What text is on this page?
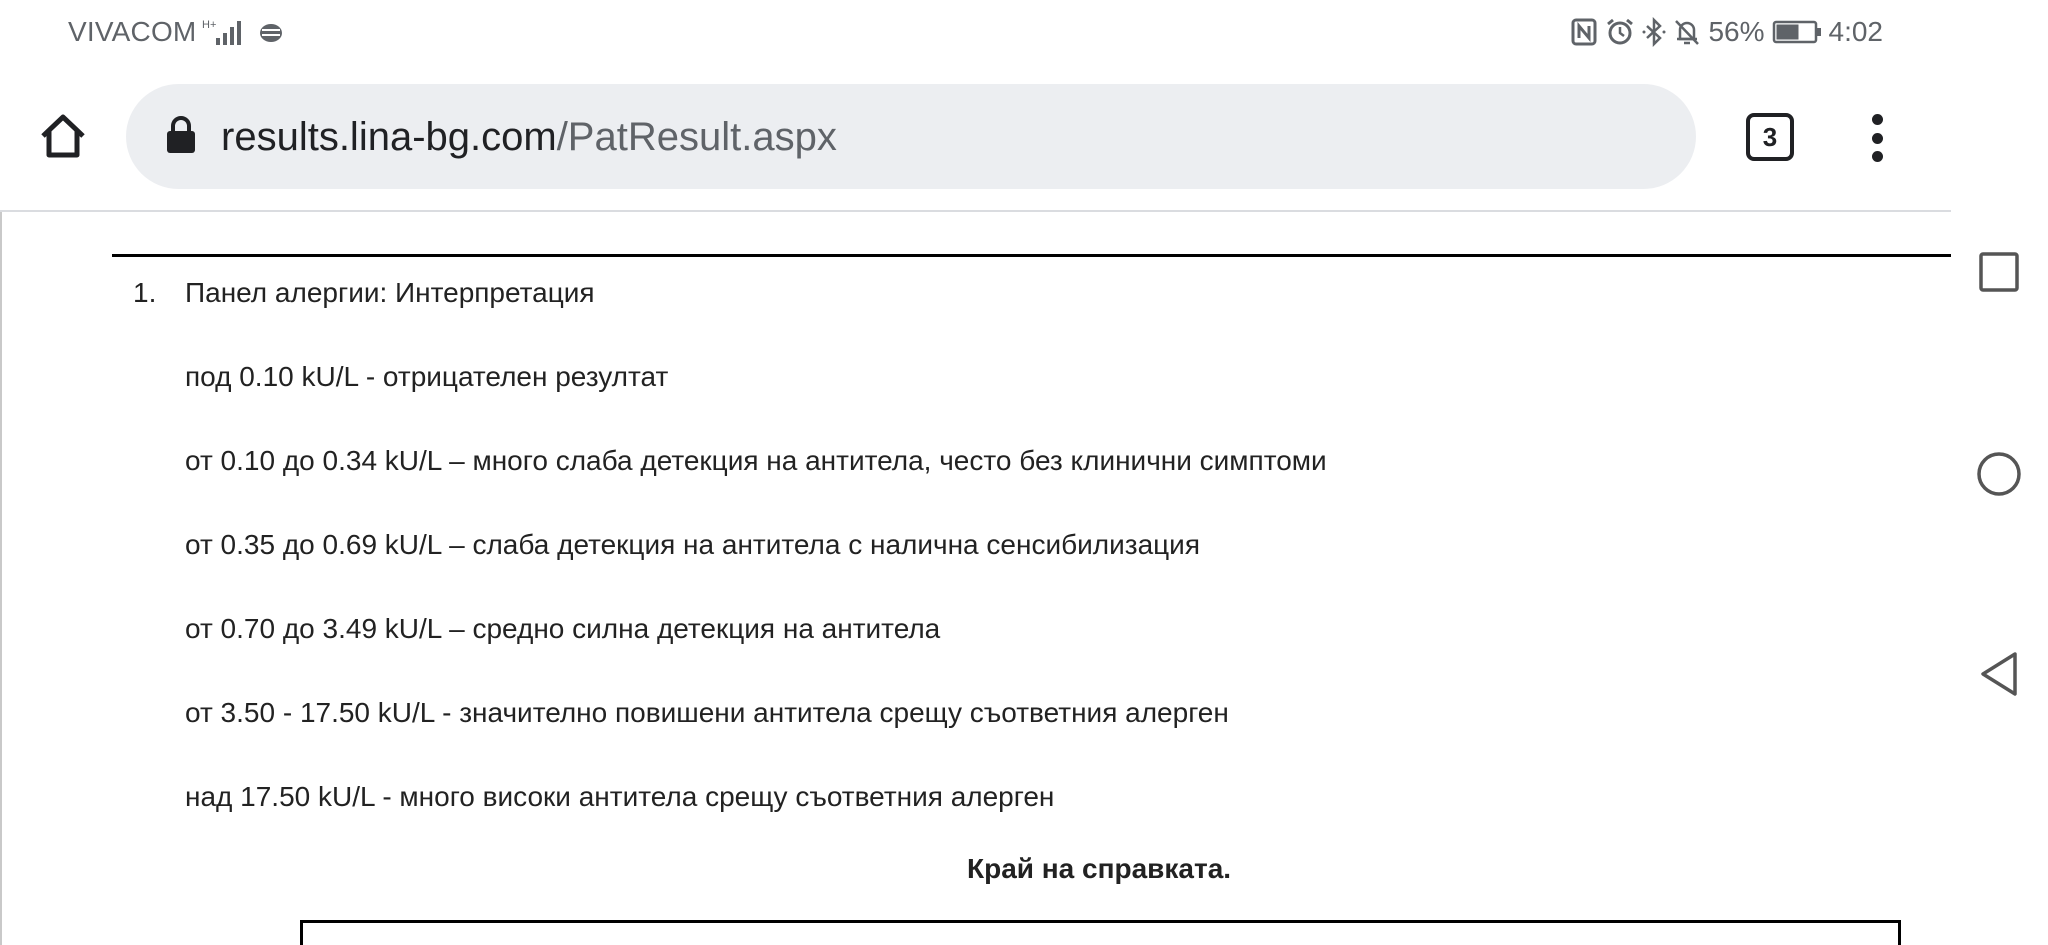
VIVACOM H+	56% 4:02
results.lina-bg.com/PatResult.aspx	3
1. Панел алергии: Интерпретация
под 0.10 kU/L - отрицателен резултат
от 0.10 до 0.34 kU/L – много слаба детекция на антитела, често без клинични симптоми
от 0.35 до 0.69 kU/L – слаба детекция на антитела с налична сенсибилизация
от 0.70 до 3.49 kU/L – средно силна детекция на антитела
от 3.50 - 17.50 kU/L - значително повишени антитела срещу съответния алерген
над 17.50 kU/L - много високи антитела срещу съответния алерген
Край на справката.
